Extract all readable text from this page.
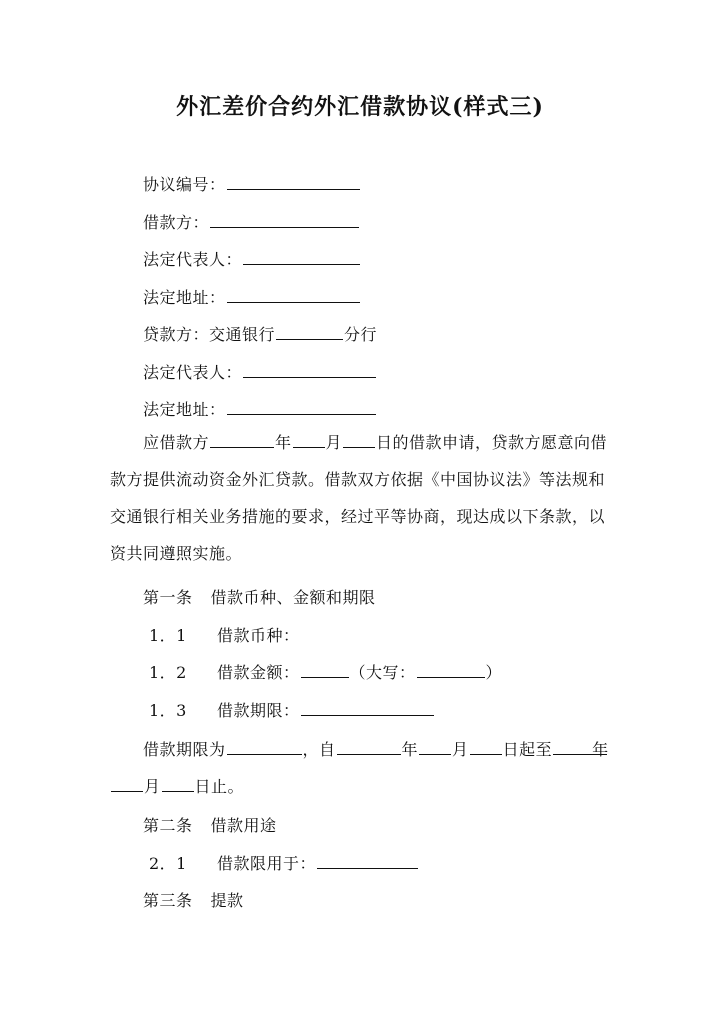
外汇差价合约外汇借款协议(样式三)
协议编号：
借款方：
法定代表人：
法定地址：
贷款方：交通银行	分行
法定代表人：
法定地址：
应借款方	年 月 日的借款申请，贷款方愿意向借款方提供流动资金外汇贷款。借款双方依据《中国协议法》等法规和交通银行相关业务措施的要求，经过平等协商，现达成以下条款，以资共同遵照实施。
第一条 借款币种、金额和期限
1．1 借款币种：
1．2 借款金额：	（大写：	）
1．3 借款期限：
借款期限为	，自	年 月 日起至	年月 日止。
第二条 借款用途
2．1 借款限用于：
第三条 提款
